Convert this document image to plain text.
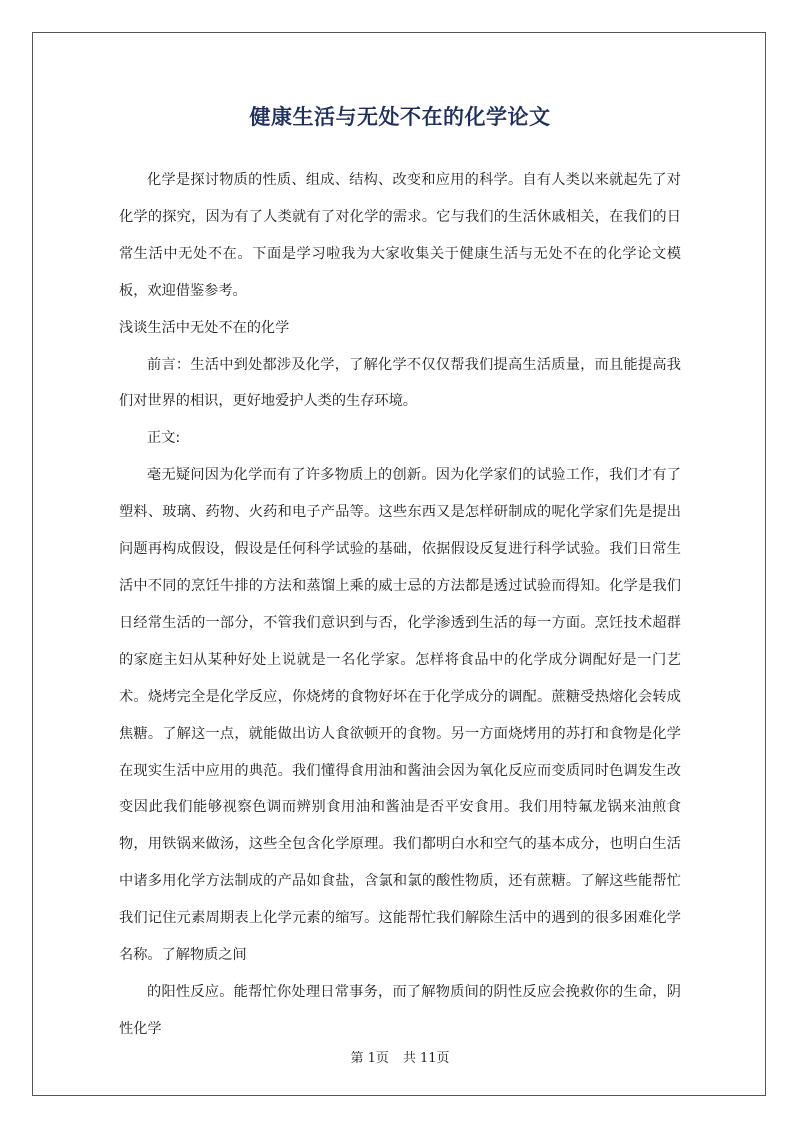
健康生活与无处不在的化学论文

化学是探讨物质的性质、组成、结构、改变和应用的科学。自有人类以来就起先了对化学的探究，因为有了人类就有了对化学的需求。它与我们的生活休戚相关，在我们的日常生活中无处不在。下面是学习啦我为大家收集关于健康生活与无处不在的化学论文模板，欢迎借鉴参考。

浅谈生活中无处不在的化学

前言：生活中到处都涉及化学，了解化学不仅仅帮我们提高生活质量，而且能提高我们对世界的相识，更好地爱护人类的生存环境。

正文:

毫无疑问因为化学而有了许多物质上的创新。因为化学家们的试验工作，我们才有了塑料、玻璃、药物、火药和电子产品等。这些东西又是怎样研制成的呢化学家们先是提出问题再构成假设，假设是任何科学试验的基础，依据假设反复进行科学试验。我们日常生活中不同的烹饪牛排的方法和蒸馏上乘的威士忌的方法都是透过试验而得知。化学是我们日经常生活的一部分，不管我们意识到与否，化学渗透到生活的每一方面。烹饪技术超群的家庭主妇从某种好处上说就是一名化学家。怎样将食品中的化学成分调配好是一门艺术。烧烤完全是化学反应，你烧烤的食物好坏在于化学成分的调配。蔗糖受热熔化会转成焦糖。了解这一点，就能做出访人食欲顿开的食物。另一方面烧烤用的苏打和食物是化学在现实生活中应用的典范。我们懂得食用油和酱油会因为氧化反应而变质同时色调发生改变因此我们能够视察色调而辨别食用油和酱油是否平安食用。我们用特氟龙锅来油煎食物，用铁锅来做汤，这些全包含化学原理。我们都明白水和空气的基本成分，也明白生活中诸多用化学方法制成的产品如食盐，含氯和氯的酸性物质，还有蔗糖。了解这些能帮忙我们记住元素周期表上化学元素的缩写。这能帮忙我们解除生活中的遇到的很多困难化学名称。了解物质之间

的阳性反应。能帮忙你处理日常事务，而了解物质间的阴性反应会挽救你的生命，阴性化学

第 1页 共 11页
